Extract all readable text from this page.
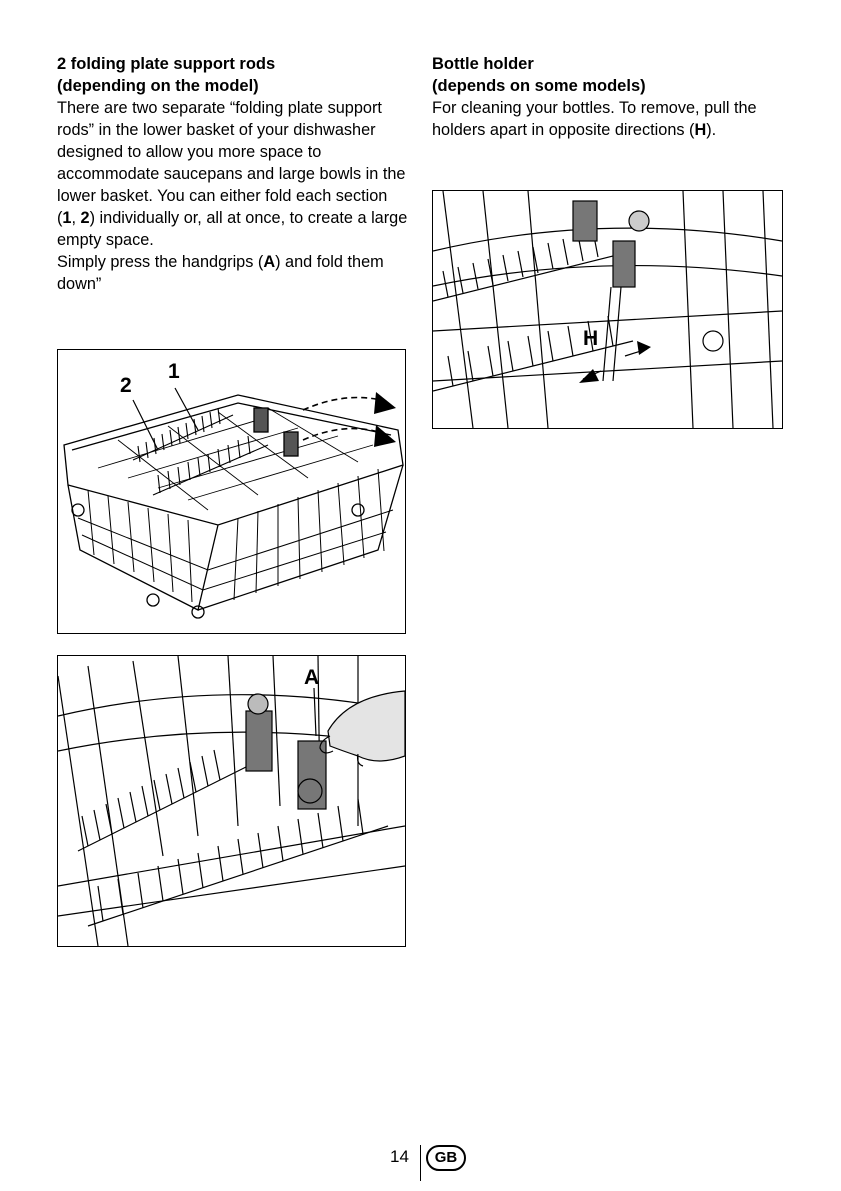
2 folding plate support rods
(depending on the model)

There are two separate “folding plate support rods” in the lower basket of your dishwasher designed to allow you more space to accommodate saucepans and large bowls in the lower basket. You can either fold each section (1, 2) individually or, all at once, to create a large empty space.

Simply press the handgrips (A) and fold them down”

Bottle holder
(depends on some models)

For cleaning your bottles. To remove, pull the holders apart in opposite directions (H).

2
1
A
H
14	GB
